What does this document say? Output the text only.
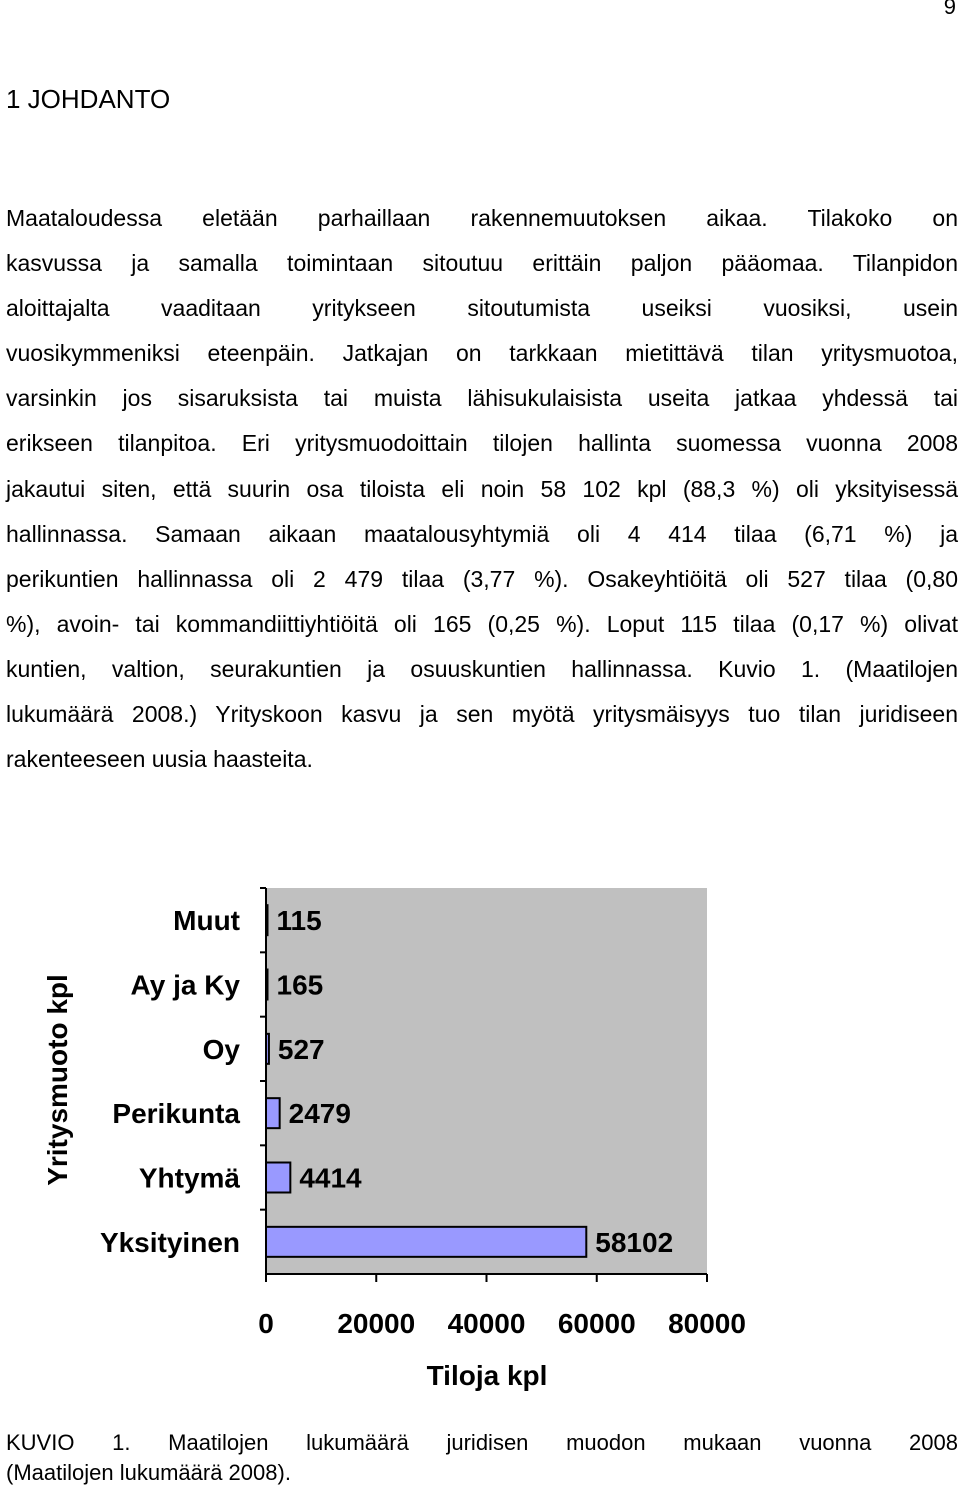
9
1 JOHDANTO
Maataloudessa eletään parhaillaan rakennemuutoksen aikaa. Tilakoko on
kasvussa ja samalla toimintaan sitoutuu erittäin paljon pääomaa. Tilanpidon
aloittajalta vaaditaan yritykseen sitoutumista useiksi vuosiksi, usein
vuosikymmeniksi eteenpäin. Jatkajan on tarkkaan mietittävä tilan yritysmuotoa,
varsinkin jos sisaruksista tai muista lähisukulaisista useita jatkaa yhdessä tai
erikseen tilanpitoa. Eri yritysmuodoittain tilojen hallinta suomessa vuonna 2008
jakautui siten, että suurin osa tiloista eli noin 58 102 kpl (88,3 %) oli yksityisessä
hallinnassa. Samaan aikaan maatalousyhtymiä oli 4 414 tilaa (6,71 %) ja
perikuntien hallinnassa oli 2 479 tilaa (3,77 %). Osakeyhtiöitä oli 527 tilaa (0,80
%), avoin- tai kommandiittiyhtiöitä oli 165 (0,25 %). Loput 115 tilaa (0,17 %) olivat
kuntien, valtion, seurakuntien ja osuuskuntien hallinnassa. Kuvio 1. (Maatilojen
lukumäärä 2008.) Yrityskoon kasvu ja sen myötä yritysmäisyys tuo tilan juridiseen
rakenteeseen uusia haasteita.
115
165
527
2479
4414
58102
Muut
Ay ja Ky
Oy
Perikunta
Yhtymä
Yksityinen
0 20000 40000 60000 80000
Tiloja kpl
Yritysmuoto kpl
KUVIO 1. Maatilojen lukumäärä juridisen muodon mukaan vuonna 2008
(Maatilojen lukumäärä 2008).
